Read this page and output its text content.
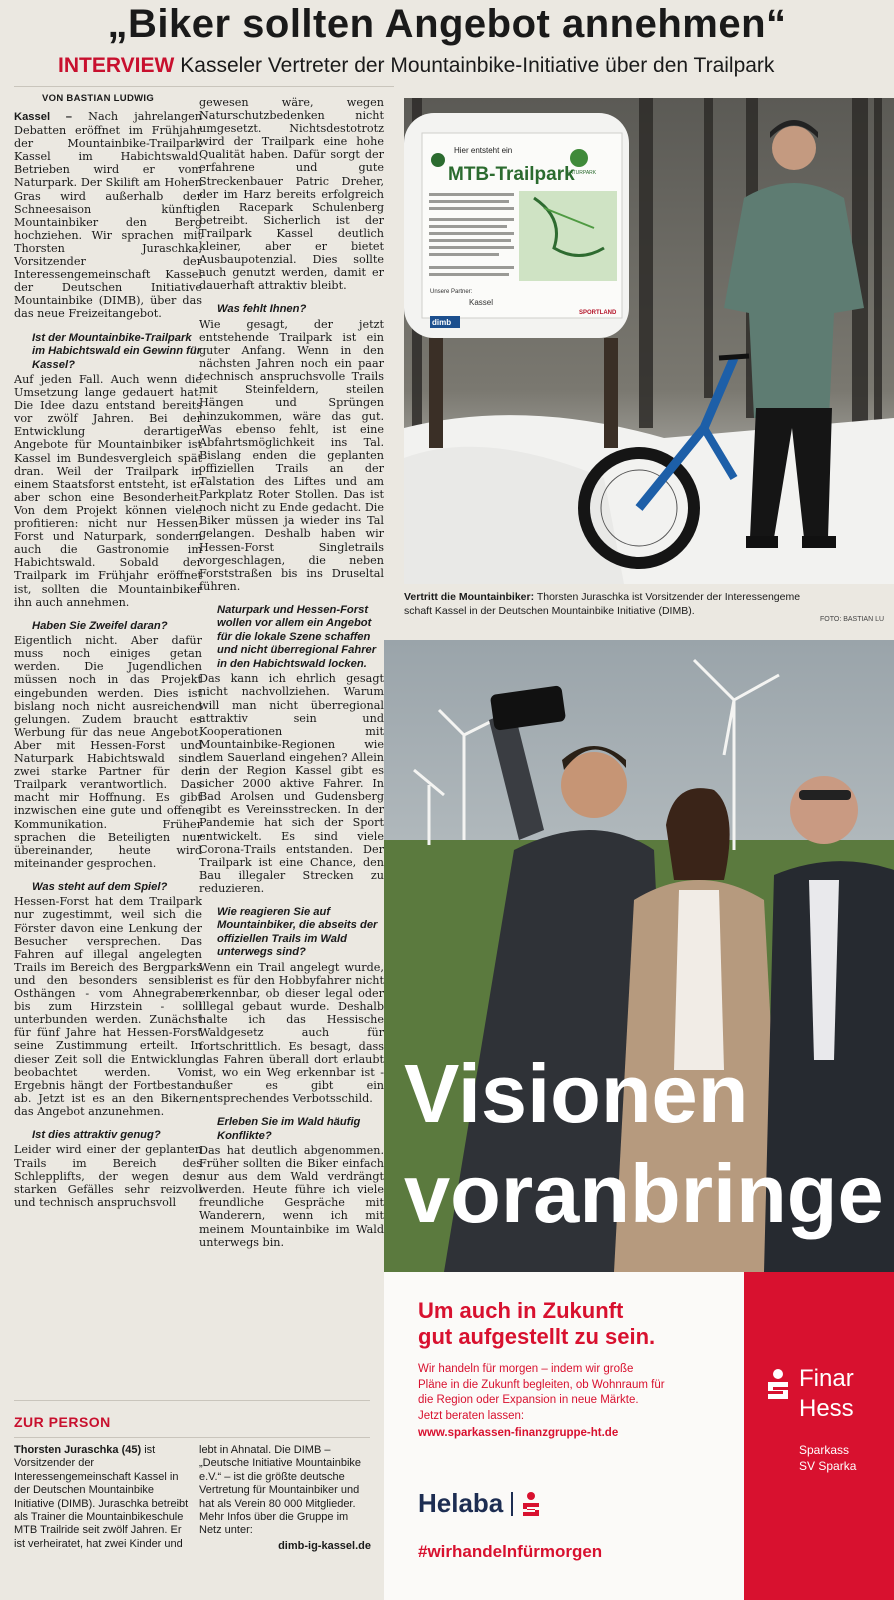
„Biker sollten Angebot annehmen“
INTERVIEW Kasseler Vertreter der Mountainbike-Initiative über den Trailpark
VON BASTIAN LUDWIG

Kassel – Nach jahrelangen Debatten eröffnet im Frühjahr der Mountainbike-Trailpark Kassel im Habichtswald. Betrieben wird er vom Naturpark. Der Skilift am Hohen Gras wird außerhalb der Schneesaison künftig Mountainbiker den Berg hochziehen. Wir sprachen mit Thorsten Juraschka, Vorsitzender der Interessengemeinschaft Kassel der Deutschen Initiative Mountainbike (DIMB), über das das neue Freizeitangebot.

Ist der Mountainbike-Trailpark im Habichtswald ein Gewinn für Kassel?

Auf jeden Fall. Auch wenn die Umsetzung lange gedauert hat. Die Idee dazu entstand bereits vor zwölf Jahren. Bei der Entwicklung derartiger Angebote für Mountainbiker ist Kassel im Bundesvergleich spät dran. Weil der Trailpark in einem Staatsforst entsteht, ist er aber schon eine Besonderheit. Von dem Projekt können viele profitieren: nicht nur Hessen-Forst und Naturpark, sondern auch die Gastronomie im Habichtswald. Sobald der Trailpark im Frühjahr eröffnet ist, sollten die Mountainbiker ihn auch annehmen.

Haben Sie Zweifel daran?

Eigentlich nicht. Aber dafür muss noch einiges getan werden. Die Jugendlichen müssen noch in das Projekt eingebunden werden. Dies ist bislang noch nicht ausreichend gelungen. Zudem braucht es Werbung für das neue Angebot. Aber mit Hessen-Forst und Naturpark Habichtswald sind zwei starke Partner für den Trailpark verantwortlich. Das macht mir Hoffnung. Es gibt inzwischen eine gute und offene Kommunikation. Früher sprachen die Beteiligten nur übereinander, heute wird miteinander gesprochen.

Was steht auf dem Spiel?

Hessen-Forst hat dem Trailpark nur zugestimmt, weil sich die Förster davon eine Lenkung der Besucher versprechen. Das Fahren auf illegal angelegten Trails im Bereich des Bergparks und den besonders sensiblen Osthängen - vom Ahnegraben bis zum Hirzstein - soll unterbunden werden. Zunächst für fünf Jahre hat Hessen-Forst seine Zustimmung erteilt. In dieser Zeit soll die Entwicklung beobachtet werden. Vom Ergebnis hängt der Fortbestand ab. Jetzt ist es an den Bikern, das Angebot anzunehmen.

Ist dies attraktiv genug?

Leider wird einer der geplanten Trails im Bereich des Schlepplifts, der wegen des starken Gefälles sehr reizvoll und technisch anspruchsvoll

gewesen wäre, wegen Naturschutzbedenken nicht umgesetzt. Nichtsdestotrotz wird der Trailpark eine hohe Qualität haben. Dafür sorgt der erfahrene und gute Streckenbauer Patric Dreher, der im Harz bereits erfolgreich den Racepark Schulenberg betreibt. Sicherlich ist der Trailpark Kassel deutlich kleiner, aber er bietet Ausbaupotenzial. Dies sollte auch genutzt werden, damit er dauerhaft attraktiv bleibt.

Was fehlt Ihnen?

Wie gesagt, der jetzt entstehende Trailpark ist ein guter Anfang. Wenn in den nächsten Jahren noch ein paar technisch anspruchsvolle Trails mit Steinfeldern, steilen Hängen und Sprüngen hinzukommen, wäre das gut. Was ebenso fehlt, ist eine Abfahrtsmöglichkeit ins Tal. Bislang enden die geplanten offiziellen Trails an der Talstation des Liftes und am Parkplatz Roter Stollen. Das ist noch nicht zu Ende gedacht. Die Biker müssen ja wieder ins Tal gelangen. Deshalb haben wir Hessen-Forst Singletrails vorgeschlagen, die neben Forststraßen bis ins Druseltal führen.

Naturpark und Hessen-Forst wollen vor allem ein Angebot für die lokale Szene schaffen und nicht überregional Fahrer in den Habichtswald locken.

Das kann ich ehrlich gesagt nicht nachvollziehen. Warum will man nicht überregional attraktiv sein und Kooperationen mit Mountainbike-Regionen wie dem Sauerland eingehen? Allein in der Region Kassel gibt es sicher 2000 aktive Fahrer. In Bad Arolsen und Gudensberg gibt es Vereinsstrecken. In der Pandemie hat sich der Sport entwickelt. Es sind viele Corona-Trails entstanden. Der Trailpark ist eine Chance, den Bau illegaler Strecken zu reduzieren.

Wie reagieren Sie auf Mountainbiker, die abseits der offiziellen Trails im Wald unterwegs sind?

Wenn ein Trail angelegt wurde, ist es für den Hobbyfahrer nicht erkennbar, ob dieser legal oder illegal gebaut wurde. Deshalb halte ich das Hessische Waldgesetz auch für fortschrittlich. Es besagt, dass das Fahren überall dort erlaubt ist, wo ein Weg erkennbar ist - außer es gibt ein entsprechendes Verbotsschild.

Erleben Sie im Wald häufig Konflikte?

Das hat deutlich abgenommen. Früher sollten die Biker einfach nur aus dem Wald verdrängt werden. Heute führe ich viele freundliche Gespräche mit Wanderern, wenn ich mit meinem Mountainbike im Wald unterwegs bin.

Hier entsteht ein
MTB-Trailpark
NATURPARK
Unsere Partner:
Kassel
dimb
SPORTLAND
Vertritt die Mountainbiker: Thorsten Juraschka ist Vorsitzender der Interessengeme
schaft Kassel in der Deutschen Mountainbike Initiative (DIMB).
FOTO: BASTIAN LU
Visionen
voranbringe
Um auch in Zukunft
gut aufgestellt zu sein.
Wir handeln für morgen – indem wir große
Pläne in die Zukunft begleiten, ob Wohnraum für
die Region oder Expansion in neue Märkte.
Jetzt beraten lassen:
www.sparkassen-finanzgruppe-ht.de
Helaba
#wirhandelnfürmorgen
Finar
Hess
Sparkass
SV Sparka
ZUR PERSON
Thorsten Juraschka (45) ist Vorsitzender der Interessengemeinschaft Kassel in der Deutschen Mountainbike Initiative (DIMB). Juraschka betreibt als Trainer die Mountainbikeschule MTB Trailride seit zwölf Jahren. Er ist verheiratet, hat zwei Kinder und
lebt in Ahnatal. Die DIMB – „Deutsche Initiative Mountainbike e.V.“ – ist die größte deutsche Vertretung für Mountainbiker und hat als Verein 80 000 Mitglieder. Mehr Infos über die Gruppe im Netz unter:
dimb-ig-kassel.de
